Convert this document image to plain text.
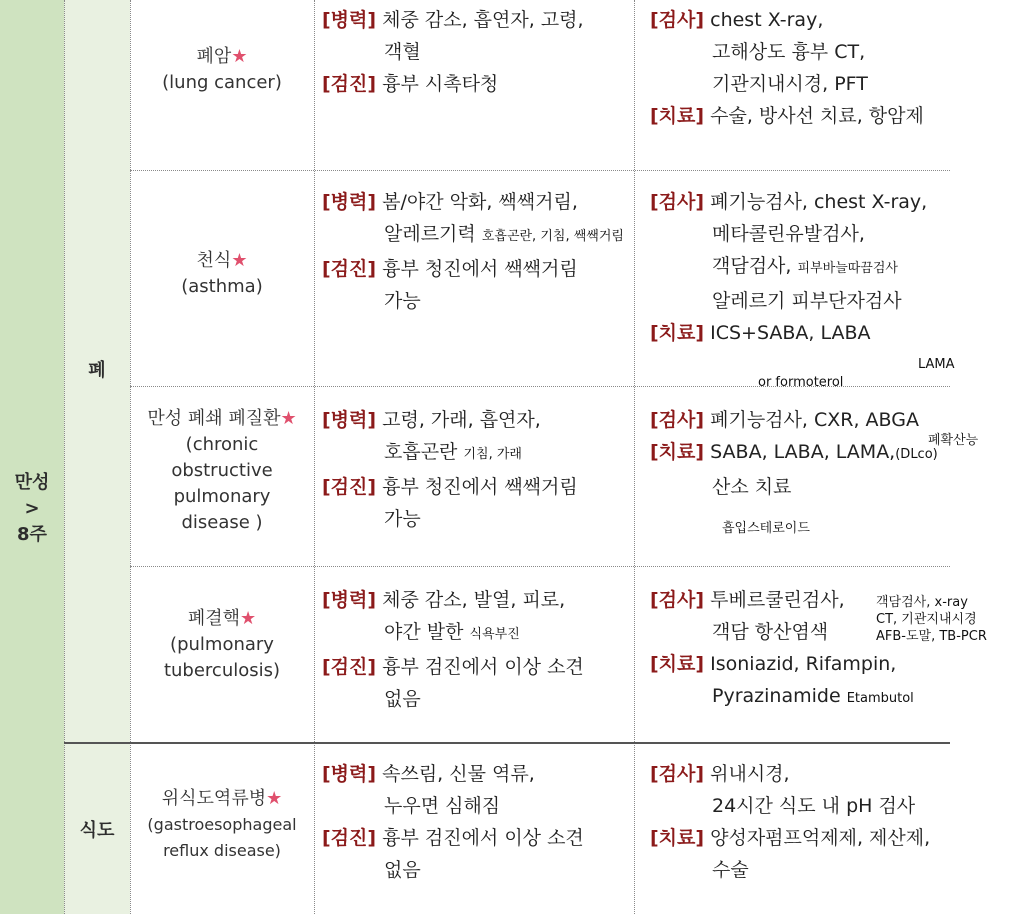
만성
>
8주
폐
식도
폐암★
(lung cancer)
[병력] 체중 감소, 흡연자, 고령,
객혈
[검진] 흉부 시촉타청
[검사] chest X-ray,
고해상도 흉부 CT,
기관지내시경, PFT
[치료] 수술, 방사선 치료, 항암제
천식★
(asthma)
[병력] 봄/야간 악화, 쌕쌕거림,
알레르기력 호흡곤란, 기침, 쌕쌕거림
[검진] 흉부 청진에서 쌕쌕거림
가능
[검사] 폐기능검사, chest X-ray,
메타콜린유발검사,
객담검사, 피부바늘따끔검사
알레르기 피부단자검사
[치료] ICS+SABA, LABA
LAMA
or formoterol
만성 폐쇄 폐질환★
(chronic
obstructive
pulmonary
disease )
[병력] 고령, 가래, 흡연자,
호흡곤란 기침, 가래
[검진] 흉부 청진에서 쌕쌕거림
가능
[검사] 폐기능검사, CXR, ABGA
[치료] SABA, LABA, LAMA,(DLco)
산소 치료
폐확산능
흡입스테로이드
폐결핵★
(pulmonary
tuberculosis)
[병력] 체중 감소, 발열, 피로,
야간 발한 식욕부진
[검진] 흉부 검진에서 이상 소견
없음
[검사] 투베르쿨린검사,
객담 항산염색
[치료] Isoniazid, Rifampin,
Pyrazinamide Etambutol
객담검사, x-ray
CT, 기관지내시경
AFB-도말, TB-PCR
위식도역류병★
(gastroesophageal
reflux disease)
[병력] 속쓰림, 신물 역류,
누우면 심해짐
[검진] 흉부 검진에서 이상 소견
없음
[검사] 위내시경,
24시간 식도 내 pH 검사
[치료] 양성자펌프억제제, 제산제,
수술
